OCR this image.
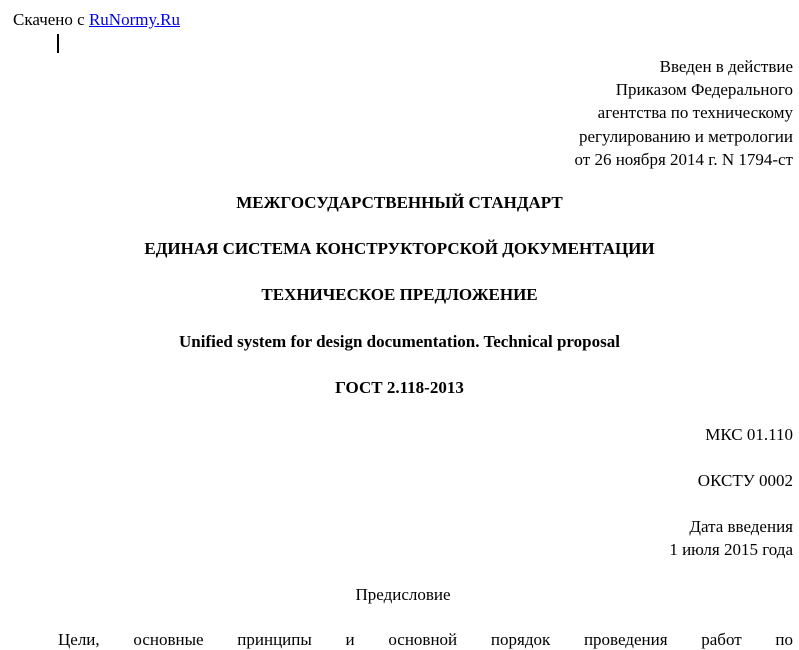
Скачено с RuNormy.Ru
Введен в действие
Приказом Федерального
агентства по техническому
регулированию и метрологии
от 26 ноября 2014 г. N 1794-ст
МЕЖГОСУДАРСТВЕННЫЙ СТАНДАРТ
ЕДИНАЯ СИСТЕМА КОНСТРУКТОРСКОЙ ДОКУМЕНТАЦИИ
ТЕХНИЧЕСКОЕ ПРЕДЛОЖЕНИЕ
Unified system for design documentation. Technical proposal
ГОСТ 2.118-2013
МКС 01.110
ОКСТУ 0002
Дата введения
1 июля 2015 года
Предисловие
Цели, основные принципы и основной порядок проведения работ по
